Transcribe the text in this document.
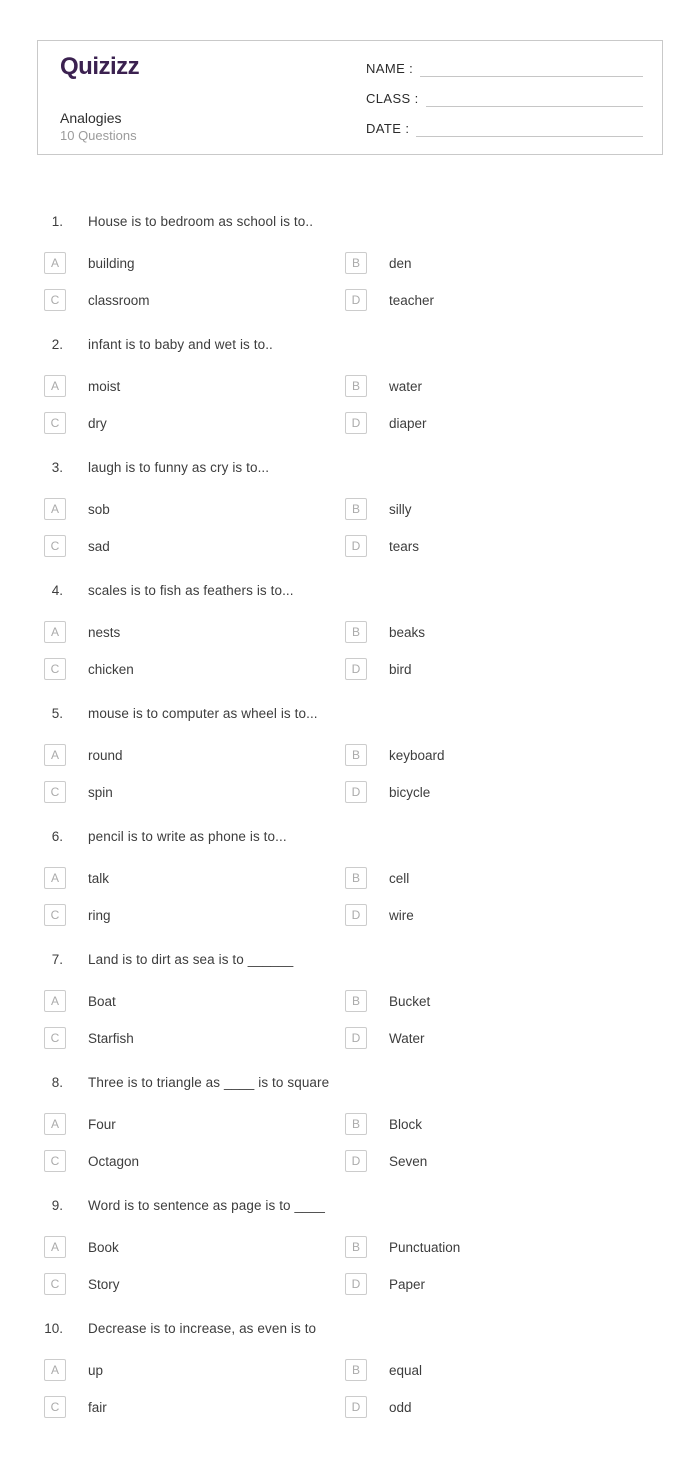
Quizizz
Analogies
10 Questions
NAME :
CLASS :
DATE :
1. House is to bedroom as school is to..
A building	B den
C classroom	D teacher
2. infant is to baby and wet is to..
A moist	B water
C dry	D diaper
3. laugh is to funny as cry is to...
A sob	B silly
C sad	D tears
4. scales is to fish as feathers is to...
A nests	B beaks
C chicken	D bird
5. mouse is to computer as wheel is to...
A round	B keyboard
C spin	D bicycle
6. pencil is to write as phone is to...
A talk	B cell
C ring	D wire
7. Land is to dirt as sea is to ______
A Boat	B Bucket
C Starfish	D Water
8. Three is to triangle as ____ is to square
A Four	B Block
C Octagon	D Seven
9. Word is to sentence as page is to ____
A Book	B Punctuation
C Story	D Paper
10. Decrease is to increase, as even is to
A up	B equal
C fair	D odd
